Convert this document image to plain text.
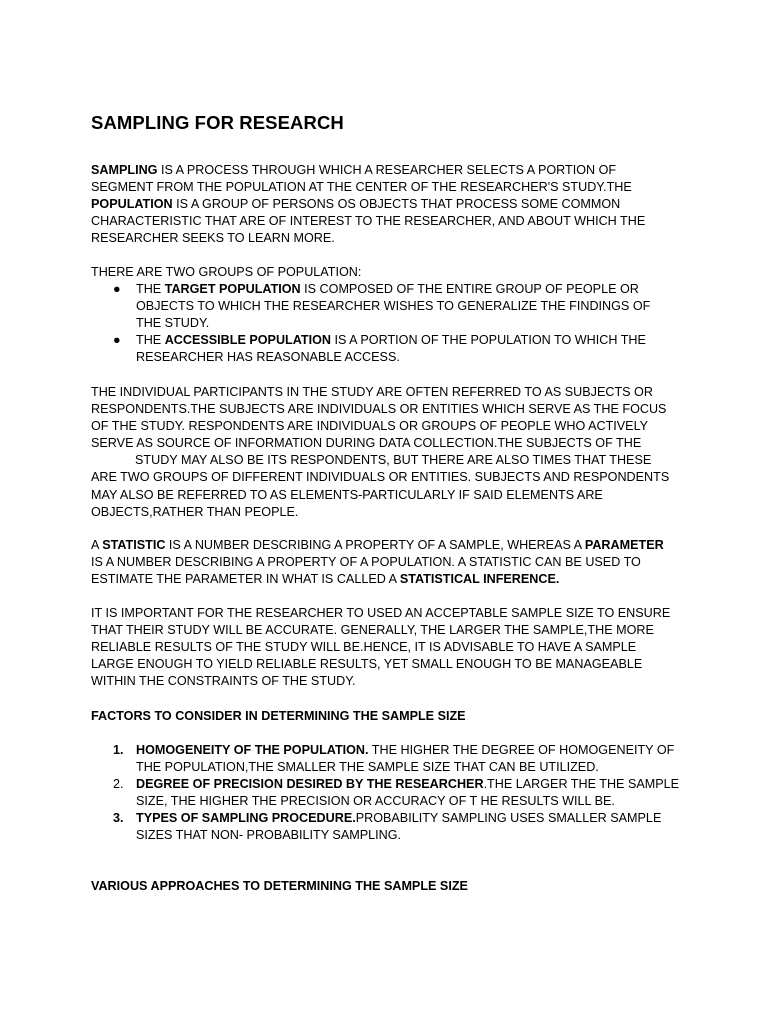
SAMPLING FOR RESEARCH
SAMPLING IS A PROCESS THROUGH WHICH A RESEARCHER SELECTS A PORTION OF
SEGMENT FROM THE POPULATION AT THE CENTER OF THE RESEARCHER'S STUDY.THE
POPULATION IS A GROUP OF PERSONS OS OBJECTS THAT PROCESS SOME COMMON
CHARACTERISTIC THAT ARE OF INTEREST TO THE RESEARCHER, AND ABOUT WHICH THE
RESEARCHER SEEKS TO LEARN MORE.
THERE ARE TWO GROUPS OF POPULATION:
●	THE TARGET POPULATION IS COMPOSED OF THE ENTIRE GROUP OF PEOPLE OR
OBJECTS TO WHICH THE RESEARCHER WISHES TO GENERALIZE THE FINDINGS OF
THE STUDY.
●	THE ACCESSIBLE POPULATION IS A PORTION OF THE POPULATION TO WHICH THE
RESEARCHER HAS REASONABLE ACCESS.
THE INDIVIDUAL PARTICIPANTS IN THE STUDY ARE OFTEN REFERRED TO AS SUBJECTS OR
RESPONDENTS.THE SUBJECTS ARE INDIVIDUALS OR ENTITIES WHICH SERVE AS THE FOCUS
OF THE STUDY. RESPONDENTS ARE INDIVIDUALS OR GROUPS OF PEOPLE WHO ACTIVELY
SERVE AS SOURCE OF INFORMATION DURING DATA COLLECTION.THE SUBJECTS OF THE
STUDY MAY ALSO BE ITS RESPONDENTS, BUT THERE ARE ALSO TIMES THAT THESE
ARE TWO GROUPS OF DIFFERENT INDIVIDUALS OR ENTITIES. SUBJECTS AND RESPONDENTS
MAY ALSO BE REFERRED TO AS ELEMENTS-PARTICULARLY IF SAID ELEMENTS ARE
OBJECTS,RATHER THAN PEOPLE.
A STATISTIC IS A NUMBER DESCRIBING A PROPERTY OF A SAMPLE, WHEREAS A PARAMETER
IS A NUMBER DESCRIBING A PROPERTY OF A POPULATION. A STATISTIC CAN BE USED TO
ESTIMATE THE PARAMETER IN WHAT IS CALLED A STATISTICAL INFERENCE.
IT IS IMPORTANT FOR THE RESEARCHER TO USED AN ACCEPTABLE SAMPLE SIZE TO ENSURE
THAT THEIR STUDY WILL BE ACCURATE. GENERALLY, THE LARGER THE SAMPLE,THE MORE
RELIABLE RESULTS OF THE STUDY WILL BE.HENCE, IT IS ADVISABLE TO HAVE A SAMPLE
LARGE ENOUGH TO YIELD RELIABLE RESULTS, YET SMALL ENOUGH TO BE MANAGEABLE
WITHIN THE CONSTRAINTS OF THE STUDY.
FACTORS TO CONSIDER IN DETERMINING THE SAMPLE SIZE
1. HOMOGENEITY OF THE POPULATION. THE HIGHER THE DEGREE OF HOMOGENEITY OF
THE POPULATION,THE SMALLER THE SAMPLE SIZE THAT CAN BE UTILIZED.
2. DEGREE OF PRECISION DESIRED BY THE RESEARCHER.THE LARGER THE THE SAMPLE
SIZE, THE HIGHER THE PRECISION OR ACCURACY OF T HE RESULTS WILL BE.
3. TYPES OF SAMPLING PROCEDURE.PROBABILITY SAMPLING USES SMALLER SAMPLE
SIZES THAT NON- PROBABILITY SAMPLING.
VARIOUS APPROACHES TO DETERMINING THE SAMPLE SIZE
